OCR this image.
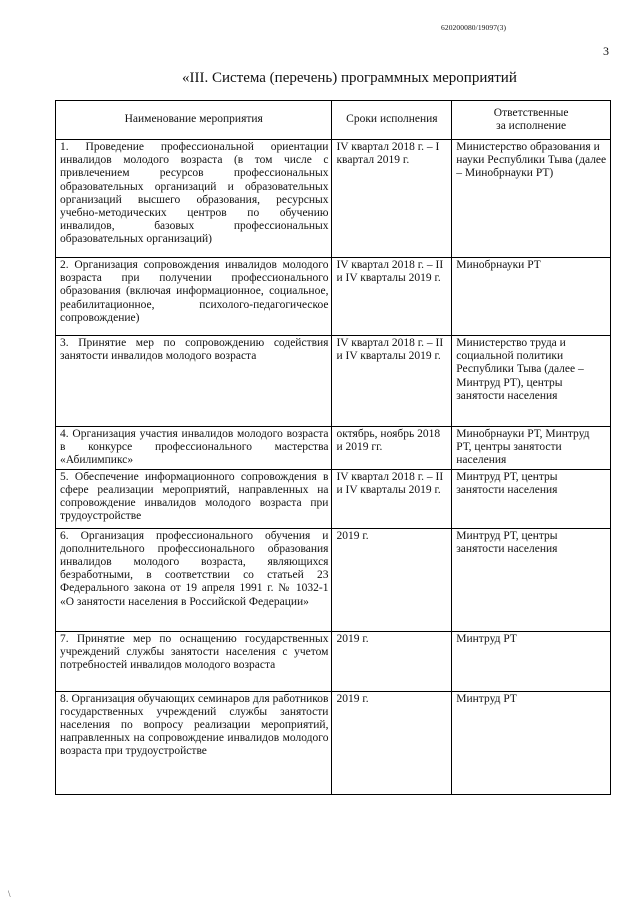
620200080/19097(3)
3
«III. Система (перечень) программных мероприятий
Наименование мероприятия	Сроки исполнения	Ответственные
за исполнение
1. Проведение профессиональной ориентации инвалидов молодого возраста (в том числе с привлечением ресурсов профессиональных образовательных организаций и образовательных организаций высшего образования, ресурсных учебно-методических центров по обучению инвалидов, базовых профессиональных образовательных организаций)	IV квартал 2018 г. – I квартал 2019 г.	Министерство образования и науки Республики Тыва (далее – Минобрнауки РТ)
2. Организация сопровождения инвалидов молодого возраста при получении профессионального образования (включая информационное, социальное, реабилитационное, психолого-педагогическое сопровождение)	IV квартал 2018 г. – II и IV кварталы 2019 г.	Минобрнауки РТ
3. Принятие мер по сопровождению содействия занятости инвалидов молодого возраста	IV квартал 2018 г. – II и IV кварталы 2019 г.	Министерство труда и социальной политики Республики Тыва (далее – Минтруд РТ), центры занятости населения
4. Организация участия инвалидов молодого возраста в конкурсе профессионального мастерства «Абилимпикс»	октябрь, ноябрь 2018 и 2019 гг.	Минобрнауки РТ, Минтруд РТ, центры занятости населения
5. Обеспечение информационного сопровождения в сфере реализации мероприятий, направленных на сопровождение инвалидов молодого возраста при трудоустройстве	IV квартал 2018 г. – II и IV кварталы 2019 г.	Минтруд РТ, центры занятости населения
6. Организация профессионального обучения и дополнительного профессионального образования инвалидов молодого возраста, являющихся безработными, в соответствии со статьей 23 Федерального закона от 19 апреля 1991 г. № 1032-1 «О занятости населения в Российской Федерации»	2019 г.	Минтруд РТ, центры занятости населения
7. Принятие мер по оснащению государственных учреждений службы занятости населения с учетом потребностей инвалидов молодого возраста	2019 г.	Минтруд РТ
8. Организация обучающих семинаров для работников государственных учреждений службы занятости населения по вопросу реализации мероприятий, направленных на сопровождение инвалидов молодого возраста при трудоустройстве	2019 г.	Минтруд РТ
\
